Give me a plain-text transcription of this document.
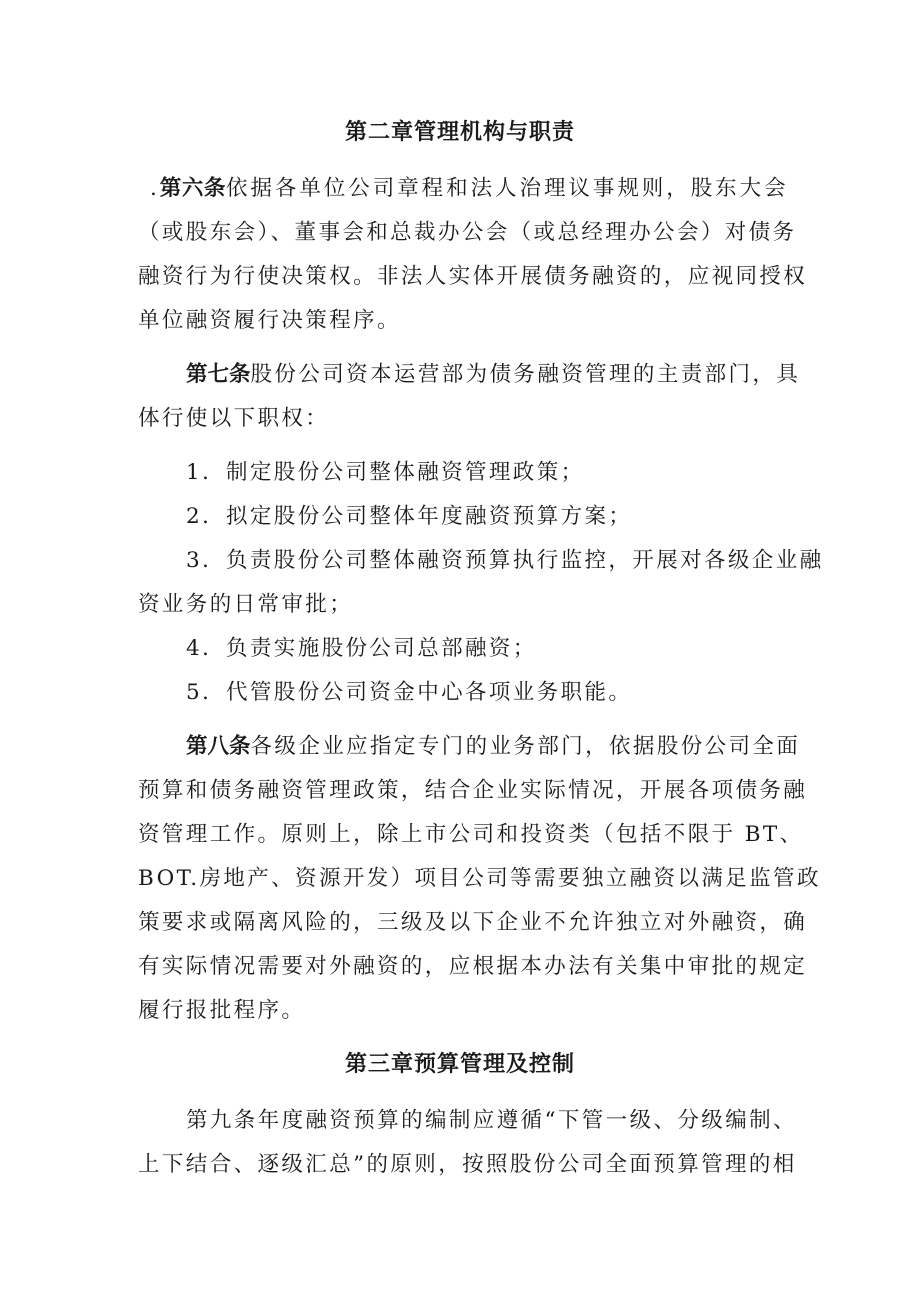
第二章管理机构与职责
.第六条依据各单位公司章程和法人治理议事规则，股东大会
（或股东会）、董事会和总裁办公会（或总经理办公会）对债务
融资行为行使决策权。非法人实体开展债务融资的，应视同授权
单位融资履行决策程序。
第七条股份公司资本运营部为债务融资管理的主责部门，具
体行使以下职权：
1．制定股份公司整体融资管理政策；
2．拟定股份公司整体年度融资预算方案；
3．负责股份公司整体融资预算执行监控，开展对各级企业融
资业务的日常审批；
4．负责实施股份公司总部融资；
5．代管股份公司资金中心各项业务职能。
第八条各级企业应指定专门的业务部门，依据股份公司全面
预算和债务融资管理政策，结合企业实际情况，开展各项债务融
资管理工作。原则上，除上市公司和投资类（包括不限于 BT、
BOT.房地产、资源开发）项目公司等需要独立融资以满足监管政
策要求或隔离风险的，三级及以下企业不允许独立对外融资，确
有实际情况需要对外融资的，应根据本办法有关集中审批的规定
履行报批程序。
第三章预算管理及控制
第九条年度融资预算的编制应遵循“下管一级、分级编制、
上下结合、逐级汇总”的原则，按照股份公司全面预算管理的相
